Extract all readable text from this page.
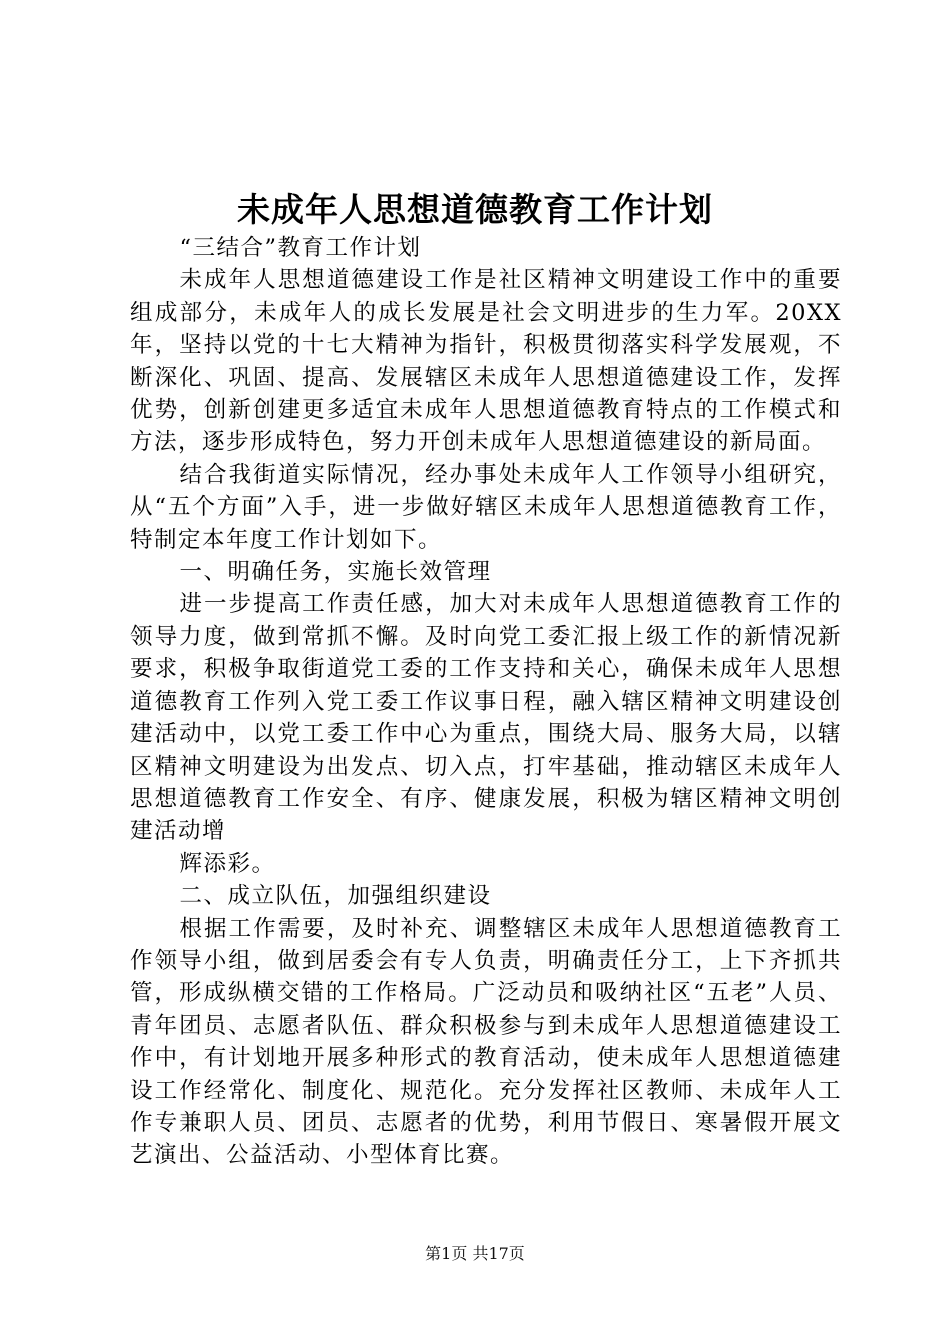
未成年人思想道德教育工作计划

“三结合”教育工作计划

未成年人思想道德建设工作是社区精神文明建设工作中的重要组成部分，未成年人的成长发展是社会文明进步的生力军。20XX年，坚持以党的十七大精神为指针，积极贯彻落实科学发展观，不断深化、巩固、提高、发展辖区未成年人思想道德建设工作，发挥优势，创新创建更多适宜未成年人思想道德教育特点的工作模式和方法，逐步形成特色，努力开创未成年人思想道德建设的新局面。

结合我街道实际情况，经办事处未成年人工作领导小组研究，从“五个方面”入手，进一步做好辖区未成年人思想道德教育工作，特制定本年度工作计划如下。

一、明确任务，实施长效管理

进一步提高工作责任感，加大对未成年人思想道德教育工作的领导力度，做到常抓不懈。及时向党工委汇报上级工作的新情况新要求，积极争取街道党工委的工作支持和关心，确保未成年人思想道德教育工作列入党工委工作议事日程，融入辖区精神文明建设创建活动中，以党工委工作中心为重点，围绕大局、服务大局，以辖区精神文明建设为出发点、切入点，打牢基础，推动辖区未成年人思想道德教育工作安全、有序、健康发展，积极为辖区精神文明创建活动增

辉添彩。

二、成立队伍，加强组织建设

根据工作需要，及时补充、调整辖区未成年人思想道德教育工作领导小组，做到居委会有专人负责，明确责任分工，上下齐抓共管，形成纵横交错的工作格局。广泛动员和吸纳社区“五老”人员、青年团员、志愿者队伍、群众积极参与到未成年人思想道德建设工作中，有计划地开展多种形式的教育活动，使未成年人思想道德建设工作经常化、制度化、规范化。充分发挥社区教师、未成年人工作专兼职人员、团员、志愿者的优势，利用节假日、寒暑假开展文艺演出、公益活动、小型体育比赛。

第1页 共17页
